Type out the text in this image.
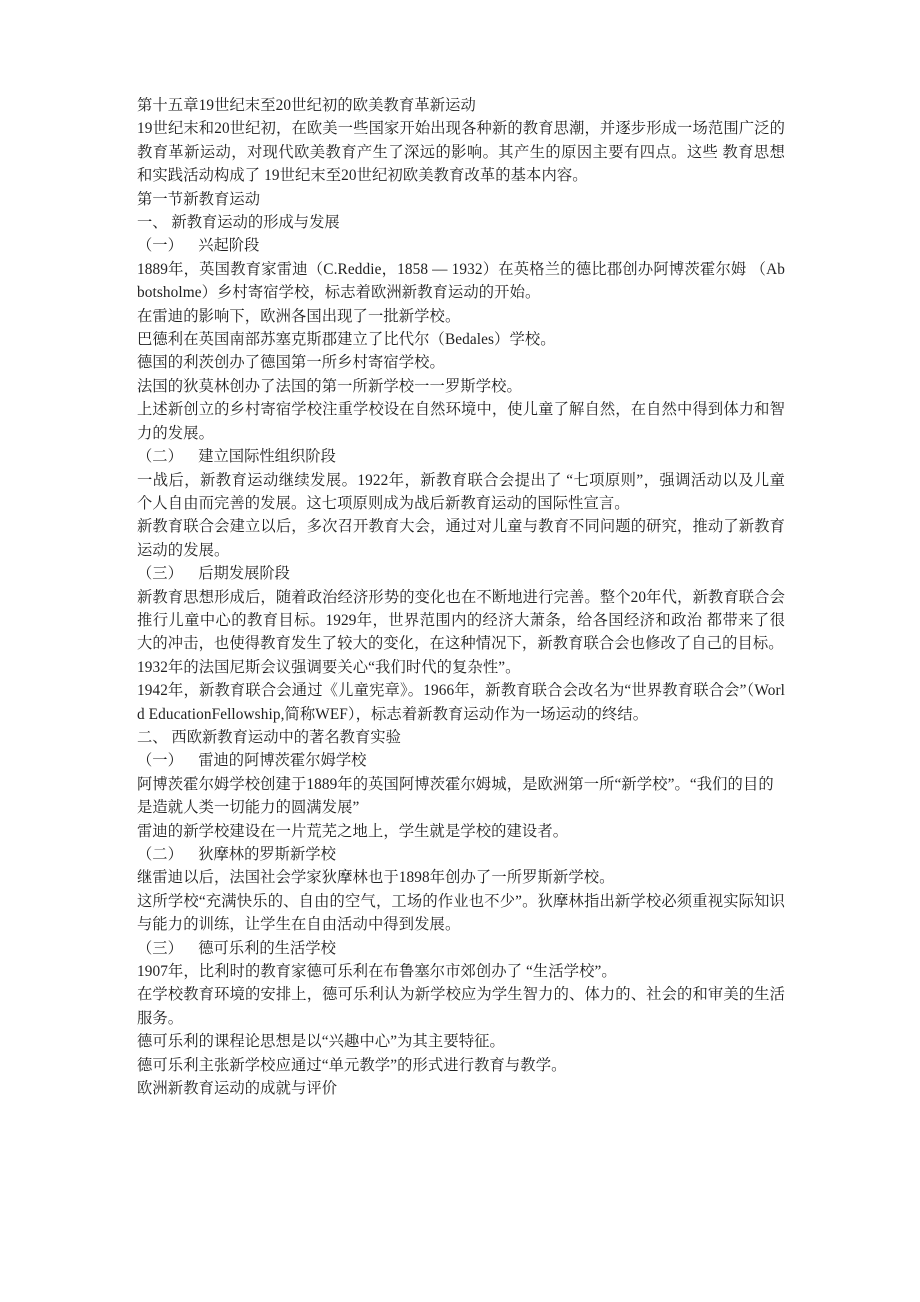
第十五章19世纪末至20世纪初的欧美教育革新运动
19世纪末和20世纪初，在欧美一些国家开始出现各种新的教育思潮，并逐步形成一场范围广泛的教育革新运动，对现代欧美教育产生了深远的影响。其产生的原因主要有四点。这些 教育思想和实践活动构成了 19世纪末至20世纪初欧美教育改革的基本内容。
第一节新教育运动
一、 新教育运动的形成与发展
（一）    兴起阶段
1889年，英国教育家雷迪（C.Reddie，1858 — 1932）在英格兰的德比郡创办阿博茨霍尔姆 （Abbotsholme）乡村寄宿学校，标志着欧洲新教育运动的开始。
在雷迪的影响下，欧洲各国出现了一批新学校。
巴德利在英国南部苏塞克斯郡建立了比代尔（Bedales）学校。
德国的利茨创办了德国第一所乡村寄宿学校。
法国的狄莫林创办了法国的第一所新学校一一罗斯学校。
上述新创立的乡村寄宿学校注重学校设在自然环境中，使儿童了解自然，在自然中得到体力和智力的发展。
（二）    建立国际性组织阶段
一战后，新教育运动继续发展。1922年，新教育联合会提出了 “七项原则”，强调活动以及儿童个人自由而完善的发展。这七项原则成为战后新教育运动的国际性宣言。
新教育联合会建立以后，多次召开教育大会，通过对儿童与教育不同问题的研究，推动了新教育运动的发展。
（三）    后期发展阶段
新教育思想形成后，随着政治经济形势的变化也在不断地进行完善。整个20年代，新教育联合会推行儿童中心的教育目标。1929年，世界范围内的经济大萧条，给各国经济和政治 都带来了很大的冲击，也使得教育发生了较大的变化，在这种情况下，新教育联合会也修改了自己的目标。
1932年的法国尼斯会议强调要关心“我们时代的复杂性”。
1942年，新教育联合会通过《儿童宪章》。1966年，新教育联合会改名为“世界教育联合会”（World EducationFellowship,简称WEF），标志着新教育运动作为一场运动的终结。
二、 西欧新教育运动中的著名教育实验
（一）    雷迪的阿博茨霍尔姆学校
阿博茨霍尔姆学校创建于1889年的英国阿博茨霍尔姆城，是欧洲第一所“新学校”。“我们的目的是造就人类一切能力的圆满发展”
雷迪的新学校建设在一片荒芜之地上，学生就是学校的建设者。
（二）    狄摩林的罗斯新学校
继雷迪以后，法国社会学家狄摩林也于1898年创办了一所罗斯新学校。
这所学校“充满快乐的、自由的空气，工场的作业也不少”。狄摩林指出新学校必须重视实际知识与能力的训练，让学生在自由活动中得到发展。
（三）    德可乐利的生活学校
1907年，比利时的教育家德可乐利在布鲁塞尔市郊创办了 “生活学校”。
在学校教育环境的安排上，德可乐利认为新学校应为学生智力的、体力的、社会的和审美的生活服务。
德可乐利的课程论思想是以“兴趣中心”为其主要特征。
德可乐利主张新学校应通过“单元教学”的形式进行教育与教学。
欧洲新教育运动的成就与评价
